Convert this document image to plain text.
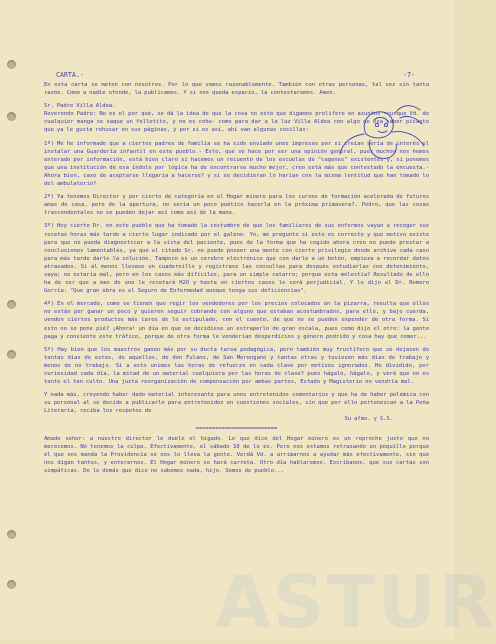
-7-
CARTA.-

En esta carta se meten con nosotros. Por lo que vemos razonablemente. También con otras personas, tal vez sin tanta razón. Como a nadie ofende, la publicamos. Y si nos queda espacio, la contestaremos. Amen.

Sr. Padre Villa Aldea.

Reverendo Padre: No es el por qué, se dá la idea de que la cosa no esté que digamos prolifere en asuntos -cunque Vd. de cualquier manga se saque un folletito, y no es cohe- como para dar a la luz Villa Aldea con algo de esa sabor picante que ya le gusta rehusar en sus páginas, y por si es así, ahí van algunas cosillas:

1º) Me he informado que a ciertos padres de familia se ha sido enviado unos impresos por si creían sería de interés el instalar una Guardería infantil en este pueblo.- Esto, que se hace por ser una opinión general, pues muchos nos hemos enterado por información, está bien claro si hacemos un recuento de los escuelas de "cagones" existentes y, si ponemos que una institución de esa índole por lógica ha de encontrarse mucho mejor, creo está más que contestado la encuesta.- Ahora bien, caso de aceptarse llegaría a hacerse? y si se decidieran lo harían con la misma lentitud que han tomado lo del ambulatorio?

2º) Ya tenemos Director y por cierto de categoría en el Hogar minero para los cursos de formación acelerada de futuros amas de casa, pero de la apertura, no sería un poco poético hacerla en la próxima primavera?. Pedro, que las cosas trascendentales no se pueden dejar así como así de la mano.

3º) Hoy cierto Dr. en este pueblo que ha tomado la costumbre de que los familiares de sus enfermos vayan a recoger sus recetas horas más tarde a cierto lugar indicado por el galeno. Yo, me pregunto si esto es correcto y que motivo existe para que no pueda diagnosticar a la vista del paciente, pues de la forma que ha cogido ahora creo no puede prestar a conclusiones lamentables, ya que el citado Sr. no puede poseer una mente con cierto privilegio donde archive cada caso para más tarde darle la solución. Tampoco es un cerebro electrónico que con darle a un botón, empieza a recordar datos atrasados. Si al menos llevase un cuadernillo y registrase las consultas para después estudiarlas con detenimiento, vaya; no estaría mal, pero en los casos más difíciles, para un simple catarro; porque esta molestia? Resultado de ello ha de ser que a mas de uno le recetará H2O y hasta en ciertos casos le será perjudicial. Y le dijo el Dr. Romero Gorría: "Que gran obra es el Seguro de Enfermedad aunque tenga sus deficiencias".

4º) En el mercado, como se tienen que regir los vendedores por los precios colocados en la pizarra, resulta que ellos no están por ganar un poco y quieren seguir cobrando con alguno que estaban acostumbrados, para ello, y bajo cuerda, venden ciertos productos más caros de lo estipulado, con el cuento, de que no se pueden expender de otra forma. Si esto no se pone pié? ¡Ahora! un día en que se decidiese un estraperlo de gran escala, pues como dijo el otro: la gente paga y consiente este tráfico, porque de otra forma le venderían desperdicios y género podrido y cosa hay que comer...

5º) Hay bien que los maestros ganen más por su docta tarea pedagógica, pero también muy fructífero que se dejasen de tantas días de estos, de aquellos, de don Fulano, de San Merengano y tantas otras y tuviesen más días de trabajo y menos de no trabajo. Si a esto unimos las horas de refuerzo en cada clase por motivos ignorados. He dividido, por curiosidad cada día, la mitad de un material cualquiera por las horas de clase? pues hágalo, hágalo, y verá que no es tanto el tan culto. Una justa reorganización de compensación por ambas partes, Estado y Magisterio no vendría mal.

Y nada más, creyendo haber dado material interesante para unos entretenidos comentarios y que ha de haber polémica con su personal al se decide a publicarlo para entretenidos en cuestiones sociales, sin que por ello pertenezcan a la Peña Literaria, reciba los respetos de

Su afmo. y S.S.

=========================

Amado señor: a nuestro director le duele el higado. Lo que dice del Hogar minero es un reproche justo que no merecemos. No tenemos la culpa. Efectivamente, el sábado 10 de lo es. Pero nos estamos retrasando un poquillo porque el que nos manda la Providencia se nos lo lleva la gente. Verdá Vd. a arrimarnos a ayudar más efectivamente, sin que nos digan tantos, y enterarnos. El Hogar minero se hará carreta. Otro día hablaremos. Escríbanos, que sus cartas son simpáticas. De lo demás que dice no sabemos nada, hijo. Somos de pueblo...

ASTUR
